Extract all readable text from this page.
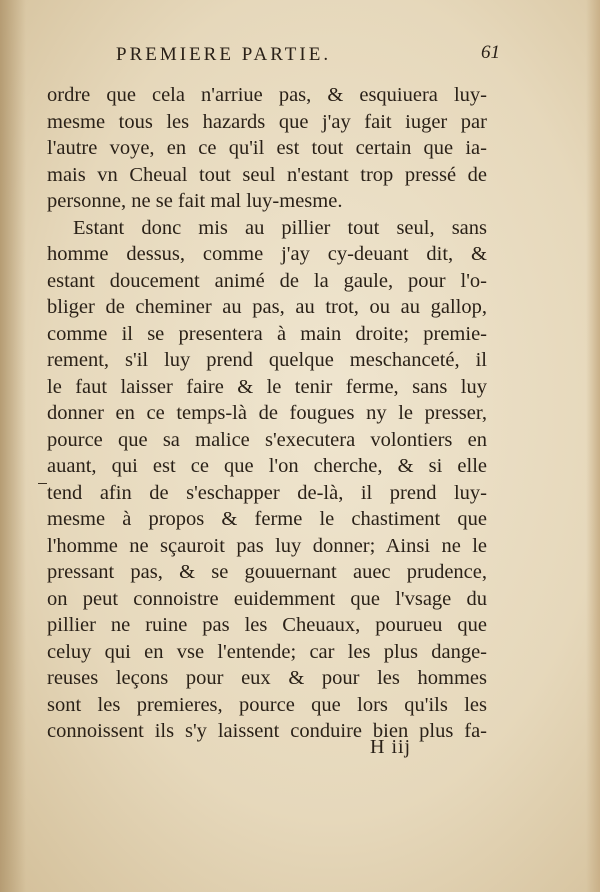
PREMIERE PARTIE.	61
ordre que cela n'arriue pas, & esquiuera luy-
mesme tous les hazards que j'ay fait iuger par
l'autre voye, en ce qu'il est tout certain que ia-
mais vn Cheual tout seul n'estant trop pressé de
personne, ne se fait mal luy-mesme.
Estant donc mis au pillier tout seul, sans
homme dessus, comme j'ay cy-deuant dit, &
estant doucement animé de la gaule, pour l'o-
bliger de cheminer au pas, au trot, ou au gallop,
comme il se presentera à main droite; premie-
rement, s'il luy prend quelque meschanceté, il
le faut laisser faire & le tenir ferme, sans luy
donner en ce temps-là de fougues ny le presser,
pource que sa malice s'executera volontiers en
auant, qui est ce que l'on cherche, & si elle
tend afin de s'eschapper de-là, il prend luy-
mesme à propos & ferme le chastiment que
l'homme ne sçauroit pas luy donner; Ainsi ne le
pressant pas, & se gouuernant auec prudence,
on peut connoistre euidemment que l'vsage du
pillier ne ruine pas les Cheuaux, pourueu que
celuy qui en vse l'entende; car les plus dange-
reuses leçons pour eux & pour les hommes
sont les premieres, pource que lors qu'ils les
connoissent ils s'y laissent conduire bien plus fa-
H iij
